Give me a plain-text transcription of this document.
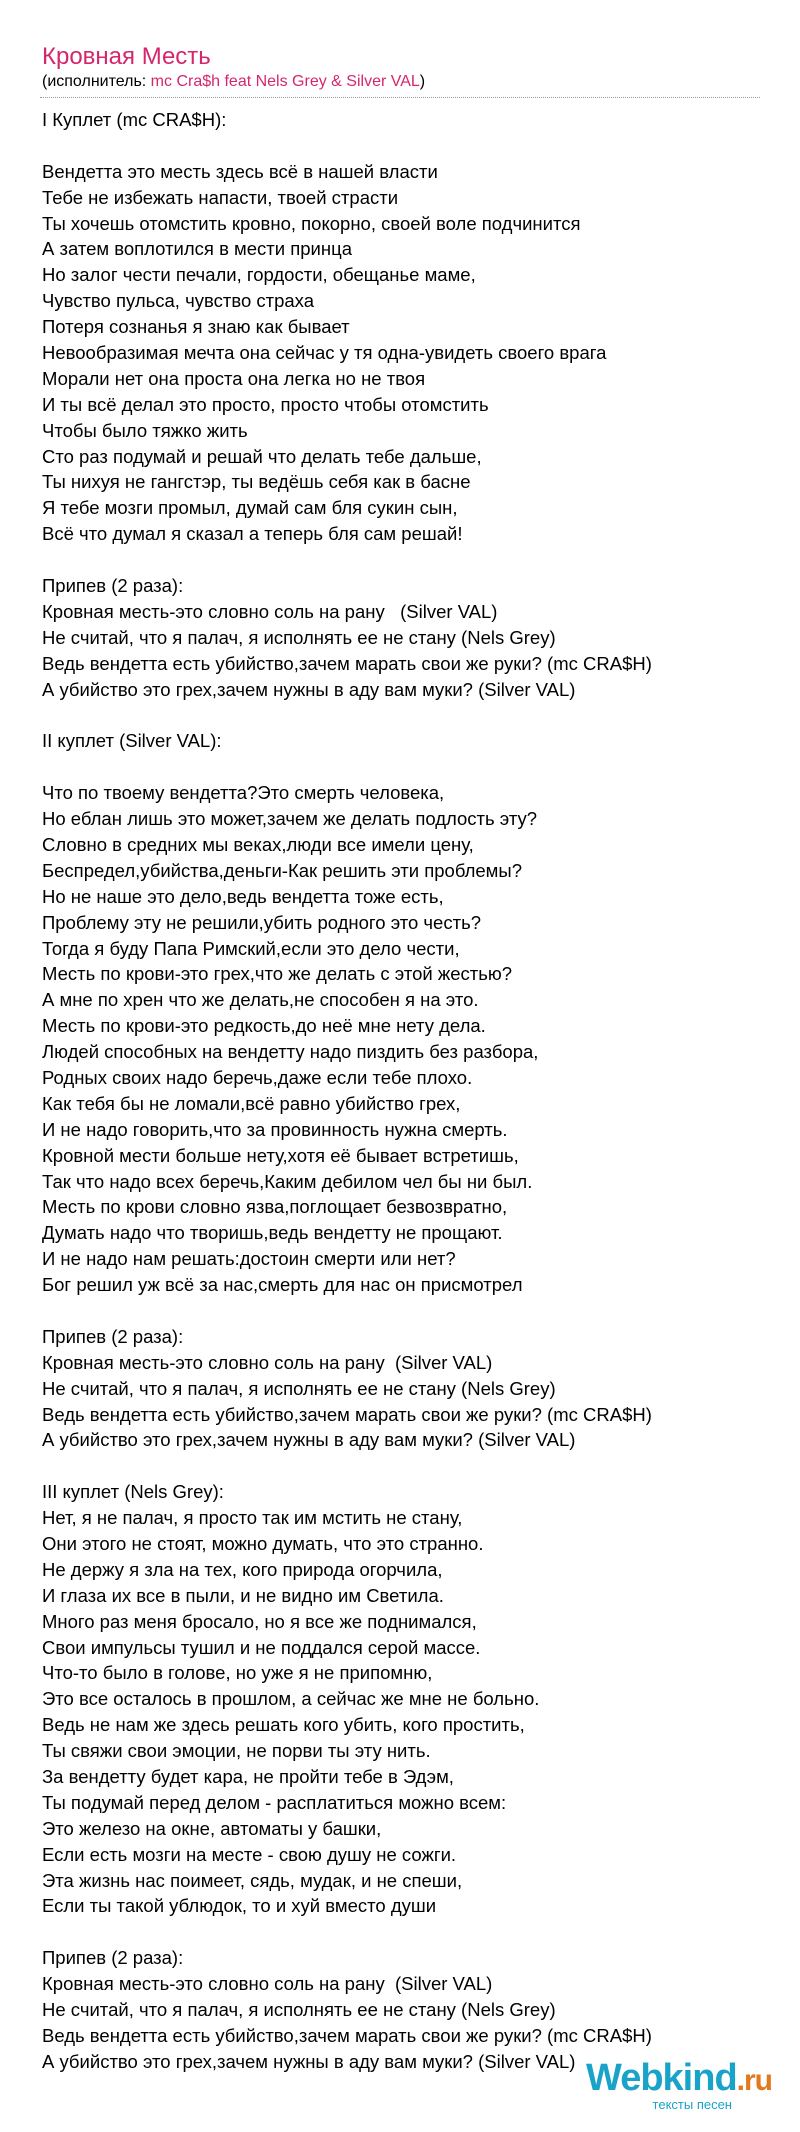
Кровная Месть
(исполнитель: mc Cra$h feat Nels Grey & Silver VAL)
I Куплет (mc CRA$H):
Вендетта это месть здесь всё в нашей власти
Тебе не избежать напасти, твоей страсти
Ты хочешь отомстить кровно, покорно, своей воле подчинится
А затем воплотился в мести принца
Но залог чести печали, гордости, обещанье маме,
Чувство пульса, чувство страха
Потеря сознанья я знаю как бывает
Невообразимая мечта она сейчас у тя одна-увидеть своего врага
Морали нет она проста она легка но не твоя
И ты всё делал это просто, просто чтобы отомстить
Чтобы было тяжко жить
Сто раз подумай и решай что делать тебе дальше,
Ты нихуя не гангстэр, ты ведёшь себя как в басне
Я тебе мозги промыл, думай сам бля сукин сын,
Всё что думал я сказал а теперь бля сам решай!
Припев (2 раза):
Кровная месть-это словно соль на рану   (Silver VAL)
Не считай, что я палач, я исполнять ее не стану (Nels Grey)
Ведь вендетта есть убийство,зачем марать свои же руки? (mc CRA$H)
А убийство это грех,зачем нужны в аду вам муки? (Silver VAL)
II куплет (Silver VAL):
Что по твоему вендетта?Это смерть человека,
Но еблан лишь это может,зачем же делать подлость эту?
Словно в средних мы веках,люди все имели цену,
Беспредел,убийства,деньги-Как решить эти проблемы?
Но не наше это дело,ведь вендетта тоже есть,
Проблему эту не решили,убить родного это честь?
Тогда я буду Папа Римский,если это дело чести,
Месть по крови-это грех,что же делать с этой жестью?
А мне по хрен что же делать,не способен я на это.
Месть по крови-это редкость,до неё мне нету дела.
Людей способных на вендетту надо пиздить без разбора,
Родных своих надо беречь,даже если тебе плохо.
Как тебя бы не ломали,всё равно убийство грех,
И не надо говорить,что за провинность нужна смерть.
Кровной мести больше нету,хотя её бывает встретишь,
Так что надо всех беречь,Каким дебилом чел бы ни был.
Месть по крови словно язва,поглощает безвозвратно,
Думать надо что творишь,ведь вендетту не прощают.
И не надо нам решать:достоин смерти или нет?
Бог решил уж всё за нас,смерть для нас он присмотрел
Припев (2 раза):
Кровная месть-это словно соль на рану  (Silver VAL)
Не считай, что я палач, я исполнять ее не стану (Nels Grey)
Ведь вендетта есть убийство,зачем марать свои же руки? (mc CRA$H)
А убийство это грех,зачем нужны в аду вам муки? (Silver VAL)
III куплет (Nels Grey):
Нет, я не палач, я просто так им мстить не стану,
Они этого не стоят, можно думать, что это странно.
Не держу я зла на тех, кого природа огорчила,
И глаза их все в пыли, и не видно им Светила.
Много раз меня бросало, но я все же поднимался,
Свои импульсы тушил и не поддался серой массе.
Что-то было в голове, но уже я не припомню,
Это все осталось в прошлом, а сейчас же мне не больно.
Ведь не нам же здесь решать кого убить, кого простить,
Ты свяжи свои эмоции, не порви ты эту нить.
За вендетту будет кара, не пройти тебе в Эдэм,
Ты подумай перед делом - расплатиться можно всем:
Это железо на окне, автоматы у башки,
Если есть мозги на месте - свою душу не сожги.
Эта жизнь нас поимеет, сядь, мудак, и не спеши,
Если ты такой ублюдок, то и хуй вместо души
Припев (2 раза):
Кровная месть-это словно соль на рану  (Silver VAL)
Не считай, что я палач, я исполнять ее не стану (Nels Grey)
Ведь вендетта есть убийство,зачем марать свои же руки? (mc CRA$H)
А убийство это грех,зачем нужны в аду вам муки? (Silver VAL) Webkind.ru
тексты песен
